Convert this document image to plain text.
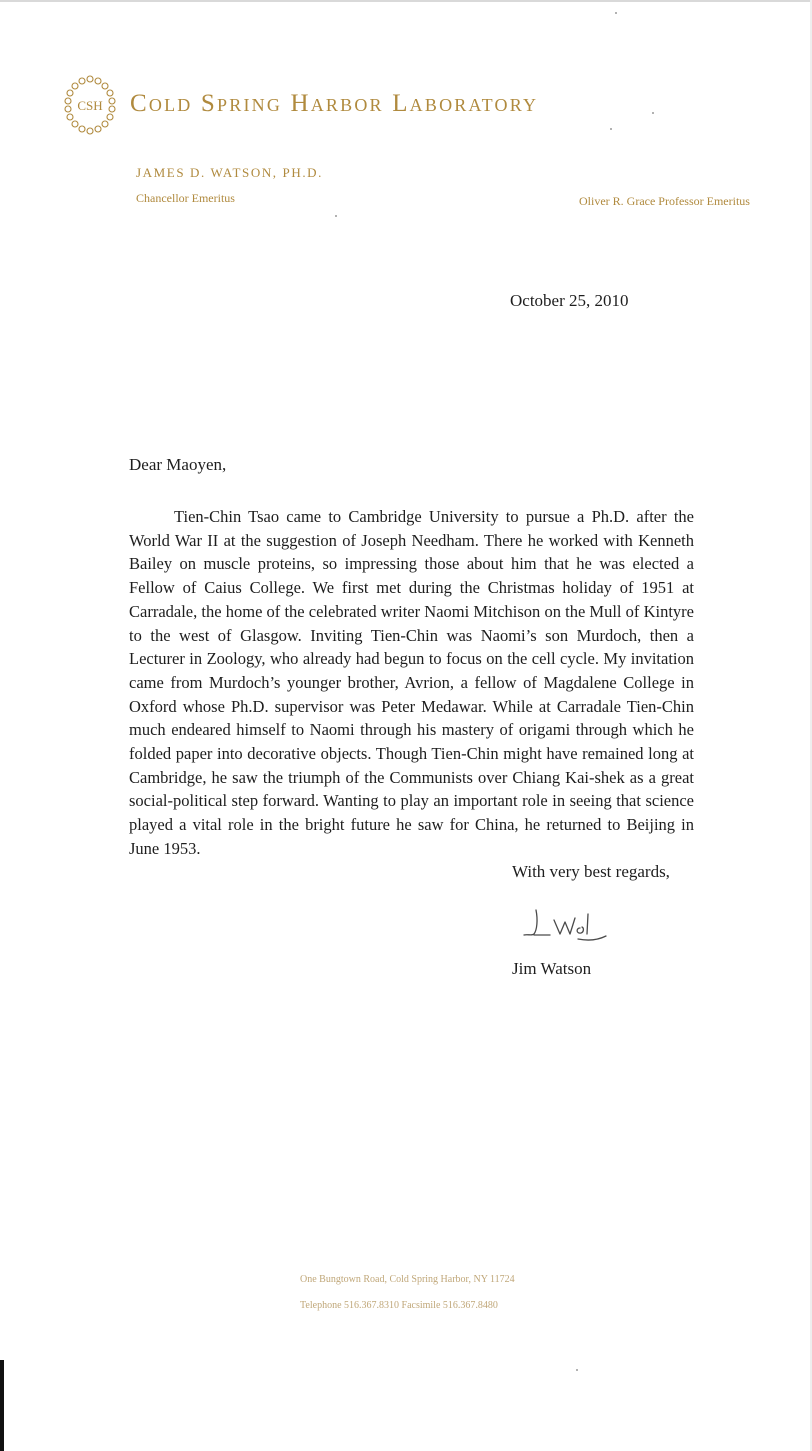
CSH Cold Spring Harbor Laboratory
JAMES D. WATSON, PH.D.
Chancellor Emeritus	Oliver R. Grace Professor Emeritus
October 25, 2010
Dear Maoyen,

Tien-Chin Tsao came to Cambridge University to pursue a Ph.D. after the World War II at the suggestion of Joseph Needham. There he worked with Kenneth Bailey on muscle proteins, so impressing those about him that he was elected a Fellow of Caius College. We first met during the Christmas holiday of 1951 at Carradale, the home of the celebrated writer Naomi Mitchison on the Mull of Kintyre to the west of Glasgow. Inviting Tien-Chin was Naomi’s son Murdoch, then a Lecturer in Zoology, who already had begun to focus on the cell cycle. My invitation came from Murdoch’s younger brother, Avrion, a fellow of Magdalene College in Oxford whose Ph.D. supervisor was Peter Medawar. While at Carradale Tien-Chin much endeared himself to Naomi through his mastery of origami through which he folded paper into decorative objects. Though Tien-Chin might have remained long at Cambridge, he saw the triumph of the Communists over Chiang Kai-shek as a great social-political step forward. Wanting to play an important role in seeing that science played a vital role in the bright future he saw for China, he returned to Beijing in June 1953.

With very best regards,
Jim Watson
One Bungtown Road, Cold Spring Harbor, NY 11724
Telephone 516.367.8310 Facsimile 516.367.8480
